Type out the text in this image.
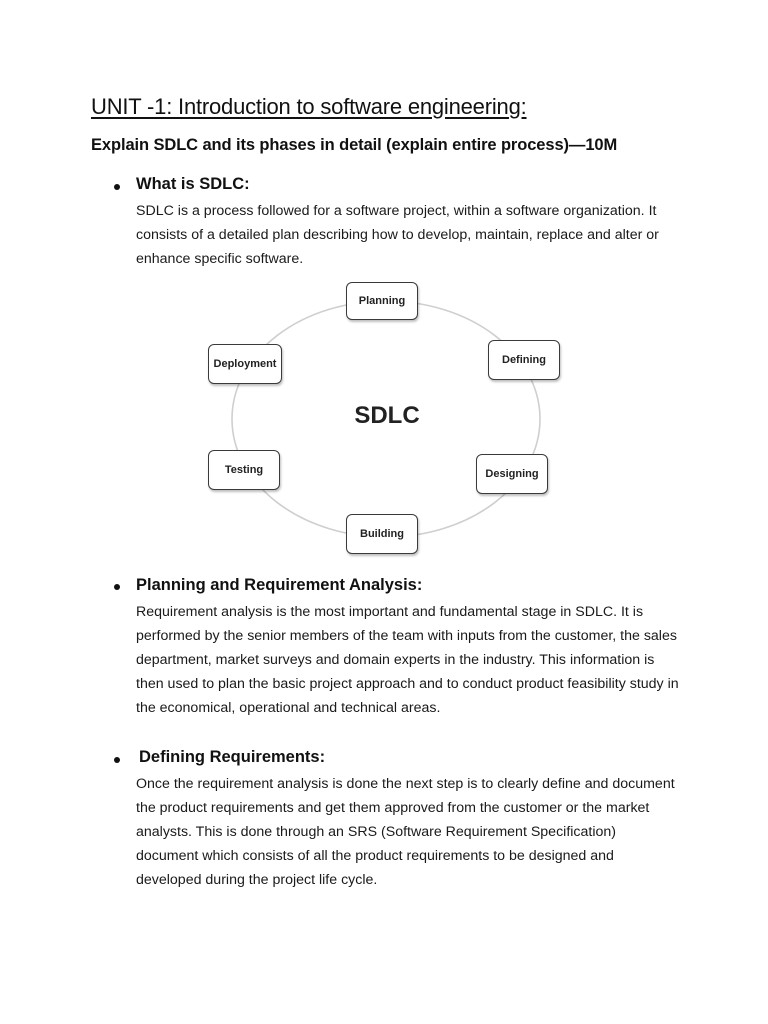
UNIT -1: Introduction to software engineering:
Explain SDLC and its phases in detail (explain entire process)—10M
What is SDLC:

SDLC is a process followed for a software project, within a software organization. It consists of a detailed plan describing how to develop, maintain, replace and alter or enhance specific software.

Planning
Defining
Designing
Building
Testing
Deployment
SDLC
Planning and Requirement Analysis:

Requirement analysis is the most important and fundamental stage in SDLC. It is performed by the senior members of the team with inputs from the customer, the sales department, market surveys and domain experts in the industry. This information is then used to plan the basic project approach and to conduct product feasibility study in the economical, operational and technical areas.

Defining Requirements:

Once the requirement analysis is done the next step is to clearly define and document the product requirements and get them approved from the customer or the market analysts. This is done through an SRS (Software Requirement Specification) document which consists of all the product requirements to be designed and developed during the project life cycle.
